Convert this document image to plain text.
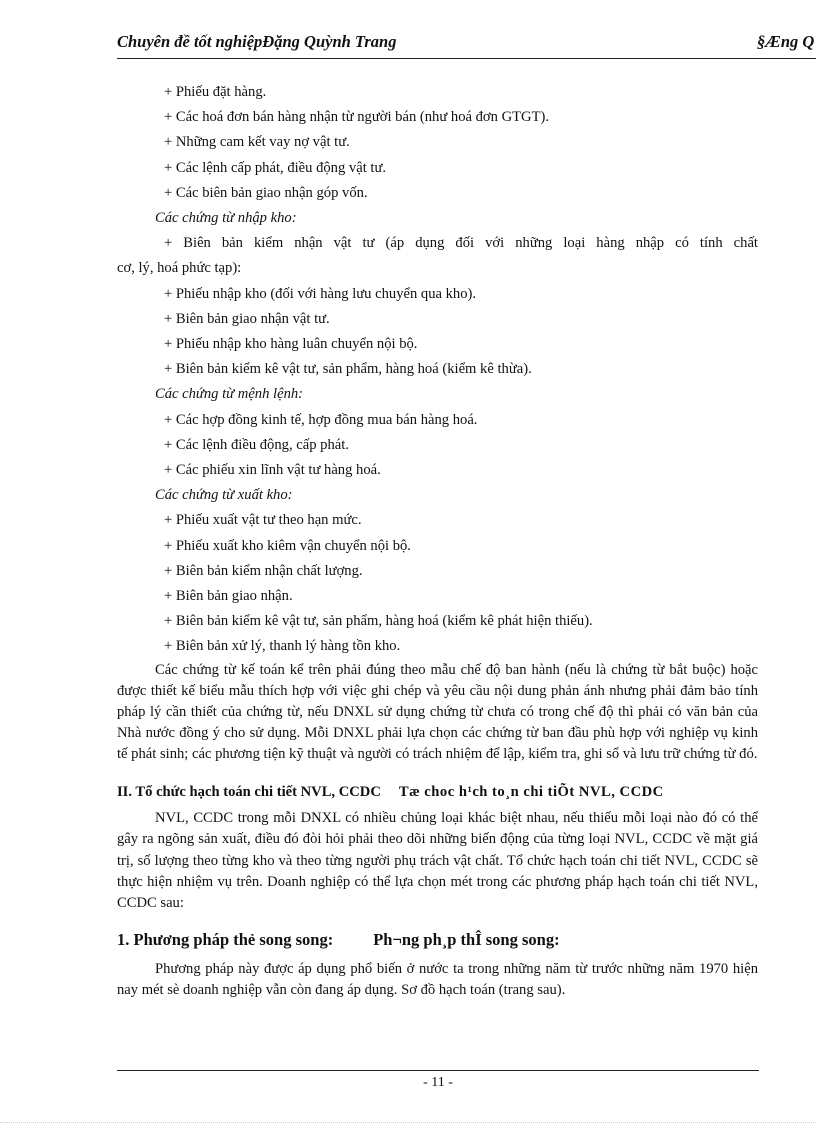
Chuyên đề tốt nghiệpĐặng Quỳnh Trang	§Æng Q
+ Phiếu đặt hàng.
+ Các hoá đơn bán hàng nhận từ người bán (như hoá đơn GTGT).
+ Những cam kết vay nợ vật tư.
+ Các lệnh cấp phát, điều động vật tư.
+ Các biên bản giao nhận góp vốn.
Các chứng từ nhập kho:
+ Biên bản kiểm nhận vật tư (áp dụng đối với những loại hàng nhập có tính chất
cơ, lý, hoá phức tạp):
+ Phiếu nhập kho (đối với hàng lưu chuyển qua kho).
+ Biên bản giao nhận vật tư.
+ Phiếu nhập kho hàng luân chuyển nội bộ.
+ Biên bản kiểm kê vật tư, sản phẩm, hàng hoá (kiểm kê thừa).
Các chứng từ mệnh lệnh:
+ Các hợp đồng kinh tế, hợp đồng mua bán hàng hoá.
+ Các lệnh điều động, cấp phát.
+ Các phiếu xin lĩnh vật tư hàng hoá.
Các chứng từ xuất kho:
+ Phiếu xuất vật tư theo hạn mức.
+ Phiếu xuất kho kiêm vận chuyển nội bộ.
+ Biên bản kiểm nhận chất lượng.
+ Biên bản giao nhận.
+ Biên bản kiểm kê vật tư, sản phẩm, hàng hoá (kiểm kê phát hiện thiếu).
+ Biên bản xử lý, thanh lý hàng tồn kho.
Các chứng từ kế toán kể trên phải đúng theo mẫu chế độ ban hành (nếu là chứng từ bắt buộc) hoặc được thiết kế biểu mẫu thích hợp với việc ghi chép và yêu cầu nội dung phản ánh nhưng phải đảm bảo tính pháp lý cần thiết của chứng từ, nếu DNXL sử dụng chứng từ chưa có trong chế độ thì phải có văn bản của Nhà nước đồng ý cho sử dụng. Mỗi DNXL phải lựa chọn các chứng từ ban đầu phù hợp với nghiệp vụ kinh tế phát sinh; các phương tiện kỹ thuật và người có trách nhiệm để lập, kiểm tra, ghi sổ và lưu trữ chứng từ đó.
II. Tổ chức hạch toán chi tiết NVL, CCDC Tæ choc h¹ch to¸n chi tiÕt NVL, CCDC
NVL, CCDC trong mỗi DNXL có nhiều chủng loại khác biệt nhau, nếu thiếu mỗi loại nào đó có thể gây ra ngõng sản xuất, điều đó đòi hỏi phải theo dõi những biến động của từng loại NVL, CCDC về mặt giá trị, số lượng theo từng kho và theo từng người phụ trách vật chất. Tổ chức hạch toán chi tiết NVL, CCDC sẽ thực hiện nhiệm vụ trên. Doanh nghiệp có thể lựa chọn mét trong các phương pháp hạch toán chi tiết NVL, CCDC sau:
1. Phương pháp thẻ song song: Ph¬ng ph¸p thÎ song song:
Phương pháp này được áp dụng phổ biến ở nước ta trong những năm từ trước những năm 1970 hiện nay mét sè doanh nghiệp vẫn còn đang áp dụng. Sơ đồ hạch toán (trang sau).
- 11 -
